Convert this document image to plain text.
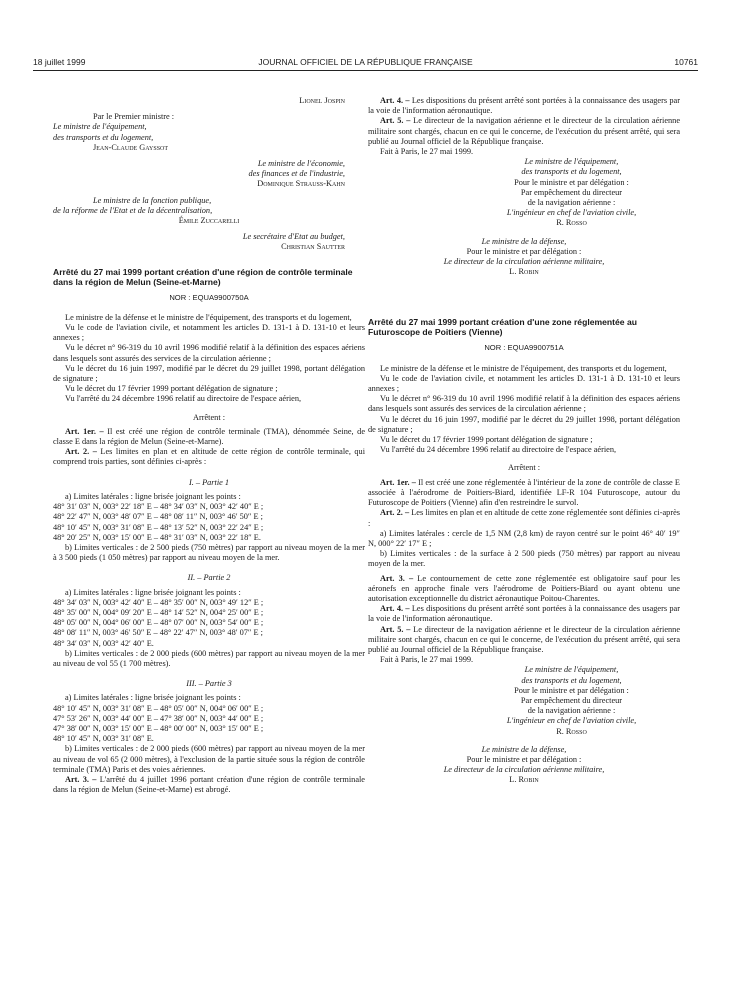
18 juillet 1999	JOURNAL OFFICIEL DE LA RÉPUBLIQUE FRANÇAISE	10761

Lionel Jospin

Par le Premier ministre :

Le ministre de l'équipement,

des transports et du logement,

Jean-Claude Gayssot

Le ministre de l'économie,

des finances et de l'industrie,

Dominique Strauss-Kahn

Le ministre de la fonction publique,

de la réforme de l'Etat et de la décentralisation,

Émile Zuccarelli

Le secrétaire d'Etat au budget,

Christian Sautter

Arrêté du 27 mai 1999 portant création d'une région de contrôle terminale dans la région de Melun (Seine-et-Marne)

NOR : EQUA9900750A

Le ministre de la défense et le ministre de l'équipement, des transports et du logement,

Vu le code de l'aviation civile, et notamment les articles D. 131-1 à D. 131-10 et leurs annexes ;

Vu le décret n° 96-319 du 10 avril 1996 modifié relatif à la définition des espaces aériens dans lesquels sont assurés des services de la circulation aérienne ;

Vu le décret du 16 juin 1997, modifié par le décret du 29 juillet 1998, portant délégation de signature ;

Vu le décret du 17 février 1999 portant délégation de signature ;

Vu l'arrêté du 24 décembre 1996 relatif au directoire de l'espace aérien,

Arrêtent :

Art. 1er. – Il est créé une région de contrôle terminale (TMA), dénommée Seine, de classe E dans la région de Melun (Seine-et-Marne).

Art. 2. – Les limites en plan et en altitude de cette région de contrôle terminale, qui comprend trois parties, sont définies ci-après :

I. – Partie 1

a) Limites latérales : ligne brisée joignant les points :

48° 31′ 03″ N, 003° 22′ 18″ E – 48° 34′ 03″ N, 003° 42′ 40″ E ;

48° 22′ 47″ N, 003° 48′ 07″ E – 48° 08′ 11″ N, 003° 46′ 50″ E ;

48° 10′ 45″ N, 003° 31′ 08″ E – 48° 13′ 52″ N, 003° 22′ 24″ E ;

48° 20′ 25″ N, 003° 15′ 00″ E – 48° 31′ 03″ N, 003° 22′ 18″ E.

b) Limites verticales : de 2 500 pieds (750 mètres) par rapport au niveau moyen de la mer à 3 500 pieds (1 050 mètres) par rapport au niveau moyen de la mer.

II. – Partie 2

a) Limites latérales : ligne brisée joignant les points :

48° 34′ 03″ N, 003° 42′ 40″ E – 48° 35′ 00″ N, 003° 49′ 12″ E ;

48° 35′ 00″ N, 004° 09′ 20″ E – 48° 14′ 52″ N, 004° 25′ 00″ E ;

48° 05′ 00″ N, 004° 06′ 00″ E – 48° 07′ 00″ N, 003° 54′ 00″ E ;

48° 08′ 11″ N, 003° 46′ 50″ E – 48° 22′ 47″ N, 003° 48′ 07″ E ;

48° 34′ 03″ N, 003° 42′ 40″ E.

b) Limites verticales : de 2 000 pieds (600 mètres) par rapport au niveau moyen de la mer au niveau de vol 55 (1 700 mètres).

III. – Partie 3

a) Limites latérales : ligne brisée joignant les points :

48° 10′ 45″ N, 003° 31′ 08″ E – 48° 05′ 00″ N, 004° 06′ 00″ E ;

47° 53′ 26″ N, 003° 44′ 00″ E – 47° 38′ 00″ N, 003° 44′ 00″ E ;

47° 38′ 00″ N, 003° 15′ 00″ E – 48° 00′ 00″ N, 003° 15′ 00″ E ;

48° 10′ 45″ N, 003° 31′ 08″ E.

b) Limites verticales : de 2 000 pieds (600 mètres) par rapport au niveau moyen de la mer au niveau de vol 65 (2 000 mètres), à l'exclusion de la partie située sous la région de contrôle terminale (TMA) Paris et des voies aériennes.

Art. 3. – L'arrêté du 4 juillet 1996 portant création d'une région de contrôle terminale dans la région de Melun (Seine-et-Marne) est abrogé.

Art. 4. – Les dispositions du présent arrêté sont portées à la connaissance des usagers par la voie de l'information aéronautique.

Art. 5. – Le directeur de la navigation aérienne et le directeur de la circulation aérienne militaire sont chargés, chacun en ce qui le concerne, de l'exécution du présent arrêté, qui sera publié au Journal officiel de la République française.

Fait à Paris, le 27 mai 1999.

Le ministre de l'équipement,

des transports et du logement,

Pour le ministre et par délégation :

Par empêchement du directeur

de la navigation aérienne :

L'ingénieur en chef de l'aviation civile,

R. Rosso

Le ministre de la défense,

Pour le ministre et par délégation :

Le directeur de la circulation aérienne militaire,

L. Robin

Arrêté du 27 mai 1999 portant création d'une zone réglementée au Futuroscope de Poitiers (Vienne)

NOR : EQUA9900751A

Le ministre de la défense et le ministre de l'équipement, des transports et du logement,

Vu le code de l'aviation civile, et notamment les articles D. 131-1 à D. 131-10 et leurs annexes ;

Vu le décret n° 96-319 du 10 avril 1996 modifié relatif à la définition des espaces aériens dans lesquels sont assurés des services de la circulation aérienne ;

Vu le décret du 16 juin 1997, modifié par le décret du 29 juillet 1998, portant délégation de signature ;

Vu le décret du 17 février 1999 portant délégation de signature ;

Vu l'arrêté du 24 décembre 1996 relatif au directoire de l'espace aérien,

Arrêtent :

Art. 1er. – Il est créé une zone réglementée à l'intérieur de la zone de contrôle de classe E associée à l'aérodrome de Poitiers-Biard, identifiée LF-R 104 Futuroscope, autour du Futuroscope de Poitiers (Vienne) afin d'en restreindre le survol.

Art. 2. – Les limites en plan et en altitude de cette zone réglementée sont définies ci-après :

a) Limites latérales : cercle de 1,5 NM (2,8 km) de rayon centré sur le point 46° 40′ 19″ N, 000° 22′ 17″ E ;

b) Limites verticales : de la surface à 2 500 pieds (750 mètres) par rapport au niveau moyen de la mer.

Art. 3. – Le contournement de cette zone réglementée est obligatoire sauf pour les aéronefs en approche finale vers l'aérodrome de Poitiers-Biard ou ayant obtenu une autorisation exceptionnelle du district aéronautique Poitou-Charentes.

Art. 4. – Les dispositions du présent arrêté sont portées à la connaissance des usagers par la voie de l'information aéronautique.

Art. 5. – Le directeur de la navigation aérienne et le directeur de la circulation aérienne militaire sont chargés, chacun en ce qui le concerne, de l'exécution du présent arrêté, qui sera publié au Journal officiel de la République française.

Fait à Paris, le 27 mai 1999.

Le ministre de l'équipement,

des transports et du logement,

Pour le ministre et par délégation :

Par empêchement du directeur

de la navigation aérienne :

L'ingénieur en chef de l'aviation civile,

R. Rosso

Le ministre de la défense,

Pour le ministre et par délégation :

Le directeur de la circulation aérienne militaire,

L. Robin
